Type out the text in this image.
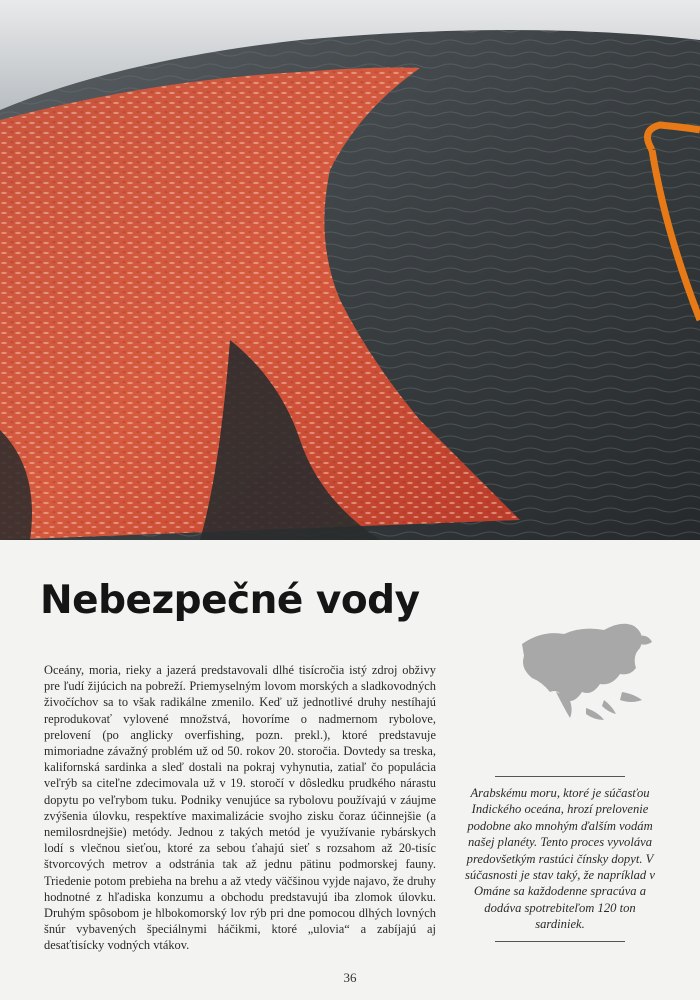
Nebezpečné vody

Oceány, moria, rieky a jazerá predstavovali dlhé tisícročia istý zdroj obživy pre ľudí žijúcich na pobreží. Priemyselným lovom morských a sladkovodných živočíchov sa to však radikálne zmenilo. Keď už jednotlivé druhy nestíhajú reprodukovať vylovené množstvá, hovoríme o nadmernom rybolove, prelovení (po anglicky overfishing, pozn. prekl.), ktoré predstavuje mimoriadne závažný problém už od 50. rokov 20. storočia. Dovtedy sa treska, kalifornská sardinka a sleď dostali na pokraj vyhynutia, zatiaľ čo populácia veľrýb sa citeľne zdecimovala už v 19. storočí v dôsledku prudkého nárastu dopytu po veľrybom tuku. Podniky venujúce sa rybolovu používajú v záujme zvýšenia úlovku, respektíve maximalizácie svojho zisku čoraz účinnejšie (a nemilosrdnejšie) metódy. Jednou z takých metód je využívanie rybárskych lodí s vlečnou sieťou, ktoré za sebou ťahajú sieť s rozsahom až 20-tisíc štvorcových metrov a odstránia tak až jednu pätinu podmorskej fauny. Triedenie potom prebieha na brehu a až vtedy väčšinou vyjde najavo, že druhy hodnotné z hľadiska konzumu a obchodu predstavujú iba zlomok úlovku. Druhým spôsobom je hlbokomorský lov rýb pri dne pomocou dlhých lovných šnúr vybavených špeciálnymi háčikmi, ktoré „ulovia“ a zabíjajú aj desaťtisícky vodných vtákov.

Arabskému moru, ktoré je súčasťou Indického oceána, hrozí prelovenie podobne ako mnohým ďalším vodám našej planéty. Tento proces vyvoláva predovšetkým rastúci čínsky dopyt. V súčasnosti je stav taký, že napríklad v Ománe sa každodenne spracúva a dodáva spotrebiteľom 120 ton sardiniek.

36
